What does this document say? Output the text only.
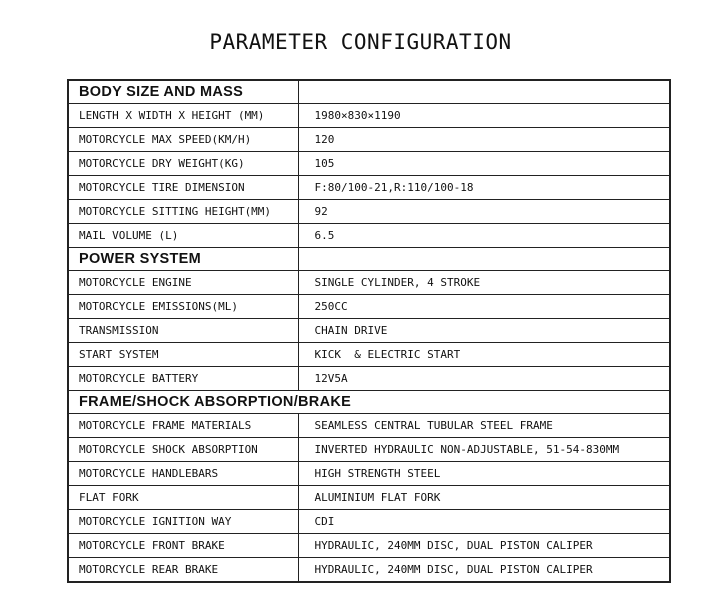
PARAMETER CONFIGURATION
BODY SIZE AND MASS	
LENGTH X WIDTH X HEIGHT (MM)	1980×830×1190
MOTORCYCLE MAX SPEED(KM/H)	120
MOTORCYCLE DRY WEIGHT(KG)	105
MOTORCYCLE TIRE DIMENSION	F:80/100-21,R:110/100-18
MOTORCYCLE SITTING HEIGHT(MM)	92
MAIL VOLUME (L)	6.5
POWER SYSTEM	
MOTORCYCLE ENGINE	SINGLE CYLINDER, 4 STROKE
MOTORCYCLE EMISSIONS(ML)	250CC
TRANSMISSION	CHAIN DRIVE
START SYSTEM	KICK  & ELECTRIC START
MOTORCYCLE BATTERY	12V5A
FRAME/SHOCK ABSORPTION/BRAKE	
MOTORCYCLE FRAME MATERIALS	SEAMLESS CENTRAL TUBULAR STEEL FRAME
MOTORCYCLE SHOCK ABSORPTION	INVERTED HYDRAULIC NON-ADJUSTABLE, 51-54-830MM
MOTORCYCLE HANDLEBARS	HIGH STRENGTH STEEL
FLAT FORK	ALUMINIUM FLAT FORK
MOTORCYCLE IGNITION WAY	CDI
MOTORCYCLE FRONT BRAKE	HYDRAULIC, 240MM DISC, DUAL PISTON CALIPER
MOTORCYCLE REAR BRAKE	HYDRAULIC, 240MM DISC, DUAL PISTON CALIPER
